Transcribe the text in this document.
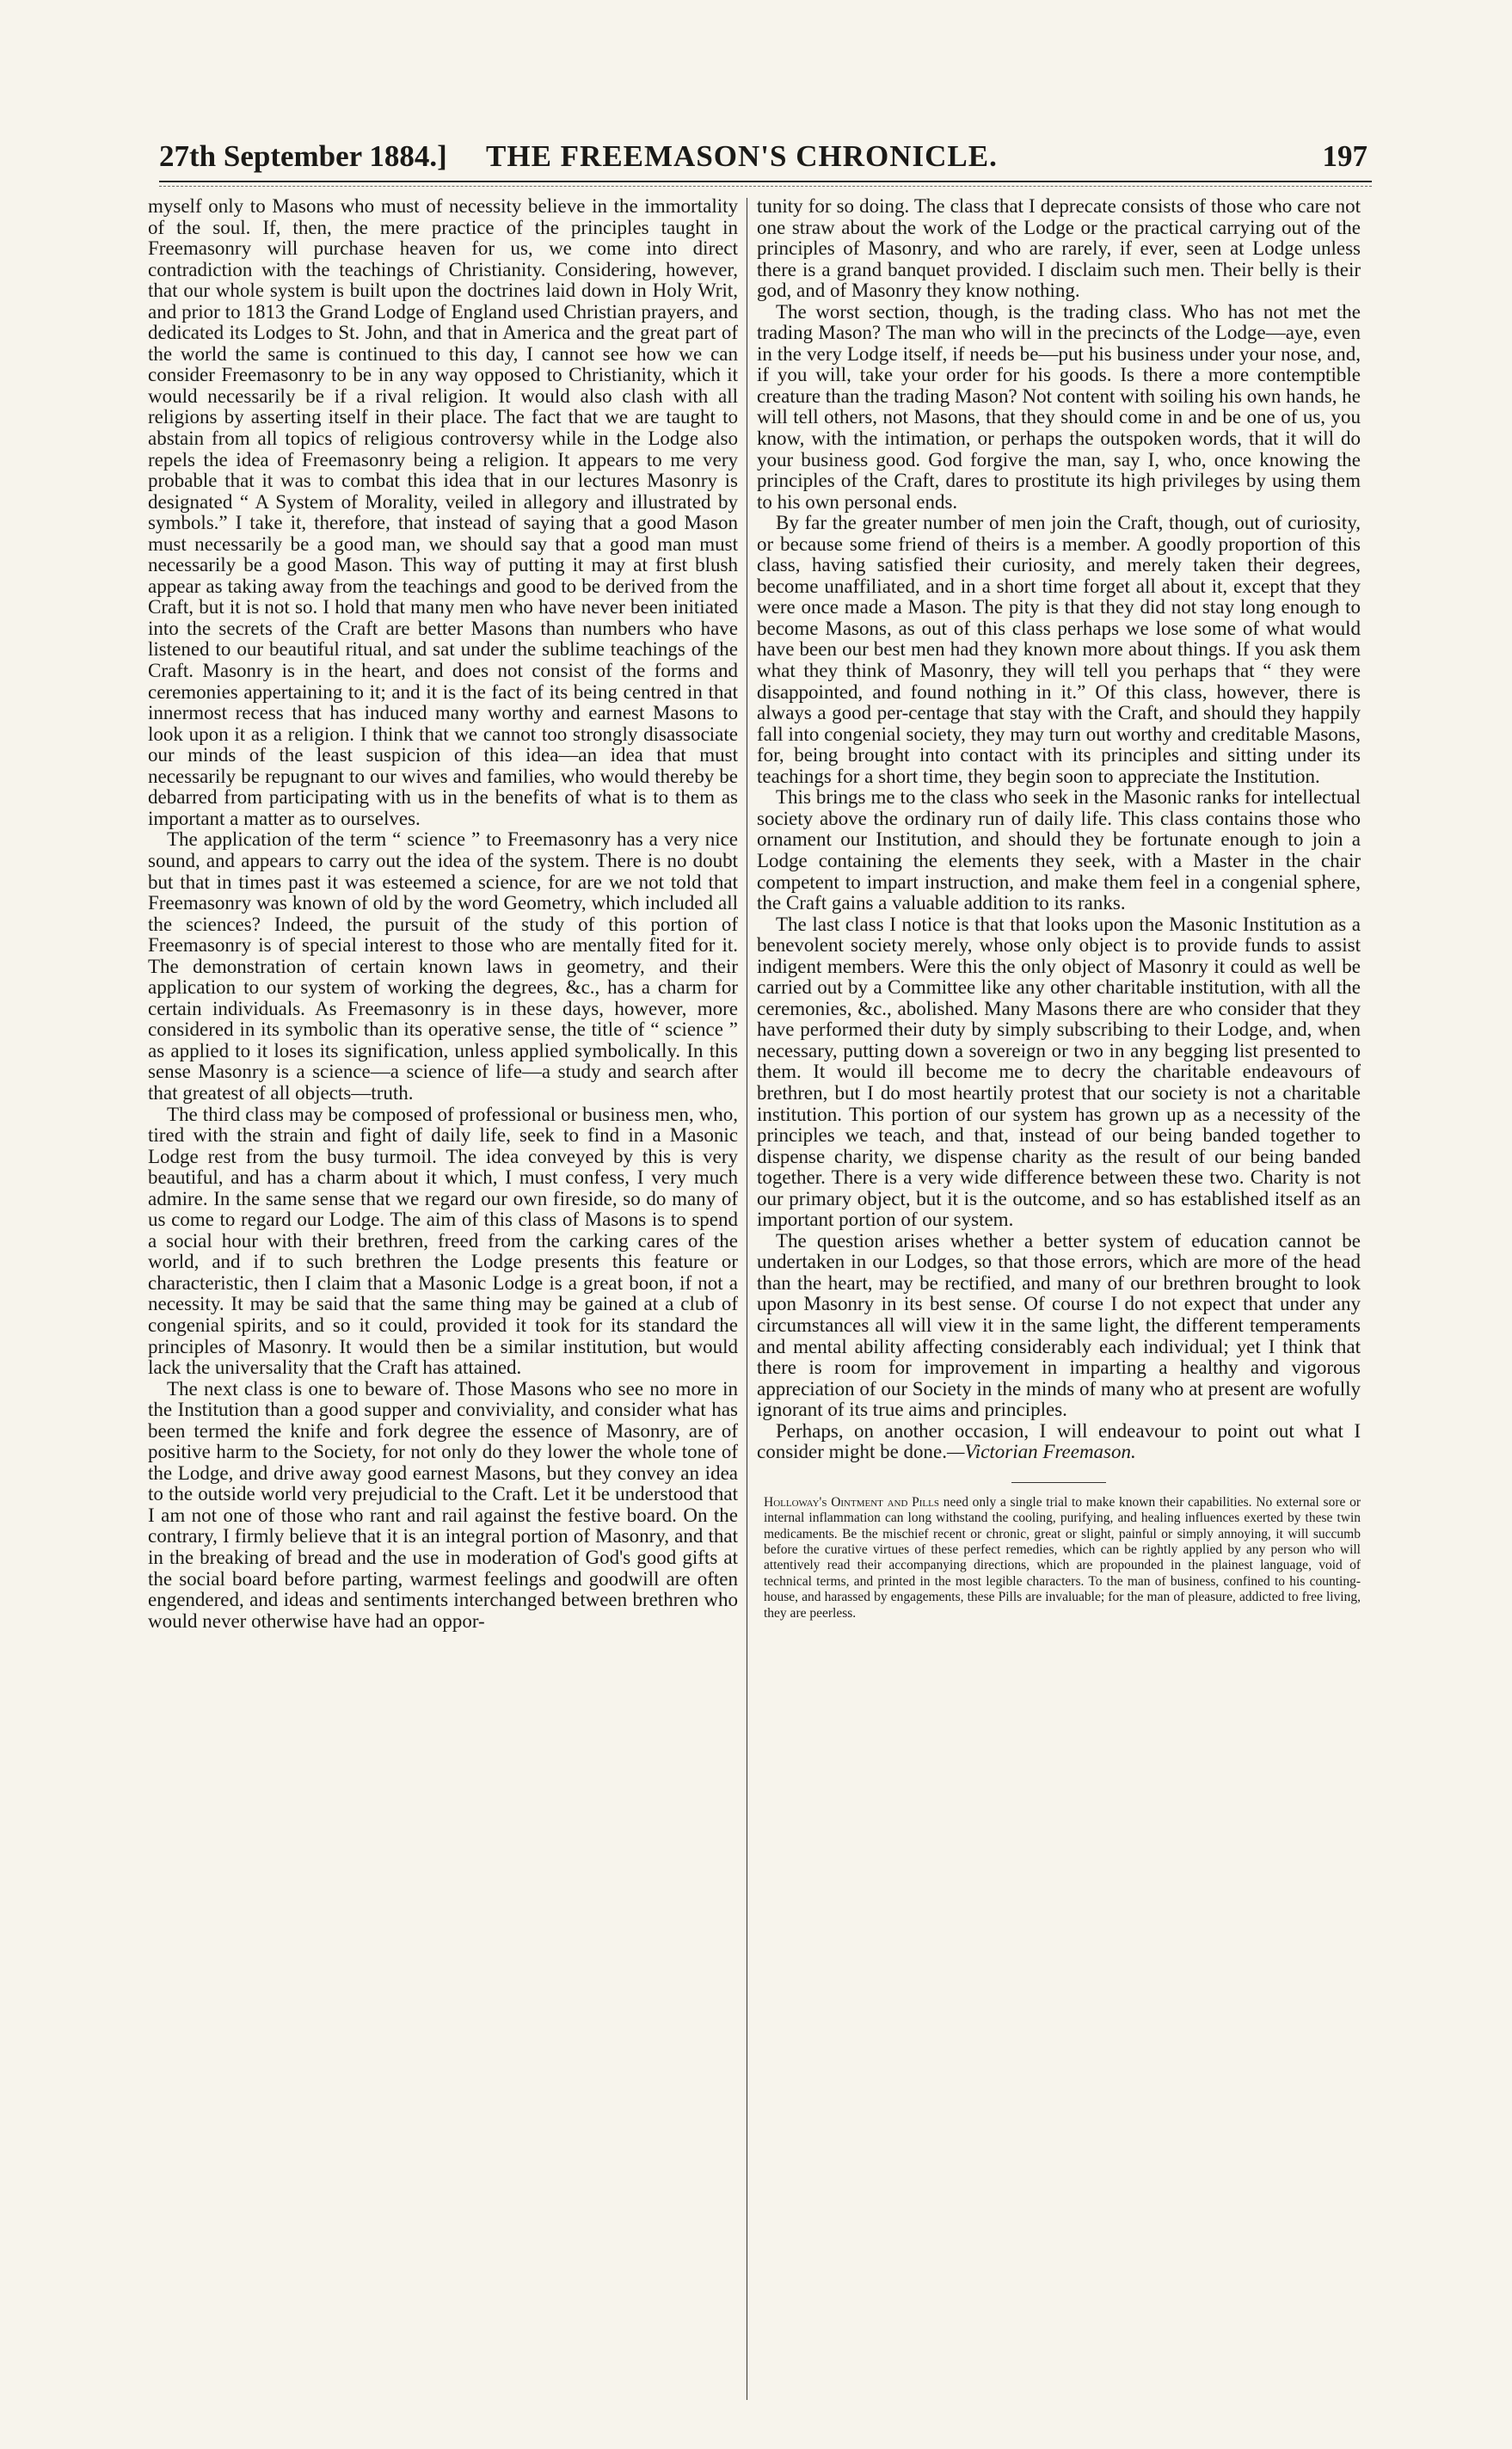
27th September 1884.] THE FREEMASON'S CHRONICLE.	197

myself only to Masons who must of necessity believe in the immortality of the soul. If, then, the mere practice of the principles taught in Freemasonry will purchase heaven for us, we come into direct contradiction with the teachings of Christianity. Considering, however, that our whole system is built upon the doctrines laid down in Holy Writ, and prior to 1813 the Grand Lodge of England used Christian prayers, and dedicated its Lodges to St. John, and that in America and the great part of the world the same is continued to this day, I cannot see how we can consider Freemasonry to be in any way opposed to Christianity, which it would necessarily be if a rival religion. It would also clash with all religions by asserting itself in their place. The fact that we are taught to abstain from all topics of religious controversy while in the Lodge also repels the idea of Freemasonry being a religion. It appears to me very probable that it was to combat this idea that in our lectures Masonry is designated “ A System of Morality, veiled in allegory and illustrated by symbols.” I take it, therefore, that instead of saying that a good Mason must necessarily be a good man, we should say that a good man must necessarily be a good Mason. This way of putting it may at first blush appear as taking away from the teachings and good to be derived from the Craft, but it is not so. I hold that many men who have never been initiated into the secrets of the Craft are better Masons than numbers who have listened to our beautiful ritual, and sat under the sublime teachings of the Craft. Masonry is in the heart, and does not consist of the forms and ceremonies appertaining to it; and it is the fact of its being centred in that innermost recess that has induced many worthy and earnest Masons to look upon it as a religion. I think that we cannot too strongly disassociate our minds of the least suspicion of this idea—an idea that must necessarily be repugnant to our wives and families, who would thereby be debarred from participating with us in the benefits of what is to them as important a matter as to ourselves.

The application of the term “ science ” to Freemasonry has a very nice sound, and appears to carry out the idea of the system. There is no doubt but that in times past it was esteemed a science, for are we not told that Freemasonry was known of old by the word Geometry, which included all the sciences? Indeed, the pursuit of the study of this portion of Freemasonry is of special interest to those who are mentally fited for it. The demonstration of certain known laws in geometry, and their application to our system of working the degrees, &c., has a charm for certain individuals. As Freemasonry is in these days, however, more considered in its symbolic than its operative sense, the title of “ science ” as applied to it loses its signification, unless applied symbolically. In this sense Masonry is a science—a science of life—a study and search after that greatest of all objects—truth.

The third class may be composed of professional or business men, who, tired with the strain and fight of daily life, seek to find in a Masonic Lodge rest from the busy turmoil. The idea conveyed by this is very beautiful, and has a charm about it which, I must confess, I very much admire. In the same sense that we regard our own fireside, so do many of us come to regard our Lodge. The aim of this class of Masons is to spend a social hour with their brethren, freed from the carking cares of the world, and if to such brethren the Lodge presents this feature or characteristic, then I claim that a Masonic Lodge is a great boon, if not a necessity. It may be said that the same thing may be gained at a club of congenial spirits, and so it could, provided it took for its standard the principles of Masonry. It would then be a similar institution, but would lack the universality that the Craft has attained.

The next class is one to beware of. Those Masons who see no more in the Institution than a good supper and conviviality, and consider what has been termed the knife and fork degree the essence of Masonry, are of positive harm to the Society, for not only do they lower the whole tone of the Lodge, and drive away good earnest Masons, but they convey an idea to the outside world very prejudicial to the Craft. Let it be understood that I am not one of those who rant and rail against the festive board. On the contrary, I firmly believe that it is an integral portion of Masonry, and that in the breaking of bread and the use in moderation of God's good gifts at the social board before parting, warmest feelings and goodwill are often engendered, and ideas and sentiments interchanged between brethren who would never otherwise have had an oppor-

tunity for so doing. The class that I deprecate consists of those who care not one straw about the work of the Lodge or the practical carrying out of the principles of Masonry, and who are rarely, if ever, seen at Lodge unless there is a grand banquet provided. I disclaim such men. Their belly is their god, and of Masonry they know nothing.

The worst section, though, is the trading class. Who has not met the trading Mason? The man who will in the precincts of the Lodge—aye, even in the very Lodge itself, if needs be—put his business under your nose, and, if you will, take your order for his goods. Is there a more contemptible creature than the trading Mason? Not content with soiling his own hands, he will tell others, not Masons, that they should come in and be one of us, you know, with the intimation, or perhaps the outspoken words, that it will do your business good. God forgive the man, say I, who, once knowing the principles of the Craft, dares to prostitute its high privileges by using them to his own personal ends.

By far the greater number of men join the Craft, though, out of curiosity, or because some friend of theirs is a member. A goodly proportion of this class, having satisfied their curiosity, and merely taken their degrees, become unaffiliated, and in a short time forget all about it, except that they were once made a Mason. The pity is that they did not stay long enough to become Masons, as out of this class perhaps we lose some of what would have been our best men had they known more about things. If you ask them what they think of Masonry, they will tell you perhaps that “ they were disappointed, and found nothing in it.” Of this class, however, there is always a good per-centage that stay with the Craft, and should they happily fall into congenial society, they may turn out worthy and creditable Masons, for, being brought into contact with its principles and sitting under its teachings for a short time, they begin soon to appreciate the Institution.

This brings me to the class who seek in the Masonic ranks for intellectual society above the ordinary run of daily life. This class contains those who ornament our Institution, and should they be fortunate enough to join a Lodge containing the elements they seek, with a Master in the chair competent to impart instruction, and make them feel in a congenial sphere, the Craft gains a valuable addition to its ranks.

The last class I notice is that that looks upon the Masonic Institution as a benevolent society merely, whose only object is to provide funds to assist indigent members. Were this the only object of Masonry it could as well be carried out by a Committee like any other charitable institution, with all the ceremonies, &c., abolished. Many Masons there are who consider that they have performed their duty by simply subscribing to their Lodge, and, when necessary, putting down a sovereign or two in any begging list presented to them. It would ill become me to decry the charitable endeavours of brethren, but I do most heartily protest that our society is not a charitable institution. This portion of our system has grown up as a necessity of the principles we teach, and that, instead of our being banded together to dispense charity, we dispense charity as the result of our being banded together. There is a very wide difference between these two. Charity is not our primary object, but it is the outcome, and so has established itself as an important portion of our system.

The question arises whether a better system of education cannot be undertaken in our Lodges, so that those errors, which are more of the head than the heart, may be rectified, and many of our brethren brought to look upon Masonry in its best sense. Of course I do not expect that under any circumstances all will view it in the same light, the different temperaments and mental ability affecting considerably each individual; yet I think that there is room for improvement in imparting a healthy and vigorous appreciation of our Society in the minds of many who at present are wofully ignorant of its true aims and principles.

Perhaps, on another occasion, I will endeavour to point out what I consider might be done.—Victorian Freemason.

Holloway's Ointment and Pills need only a single trial to make known their capabilities. No external sore or internal inflammation can long withstand the cooling, purifying, and healing influences exerted by these twin medicaments. Be the mischief recent or chronic, great or slight, painful or simply annoying, it will succumb before the curative virtues of these perfect remedies, which can be rightly applied by any person who will attentively read their accompanying directions, which are propounded in the plainest language, void of technical terms, and printed in the most legible characters. To the man of business, confined to his counting-house, and harassed by engagements, these Pills are invaluable; for the man of pleasure, addicted to free living, they are peerless.
